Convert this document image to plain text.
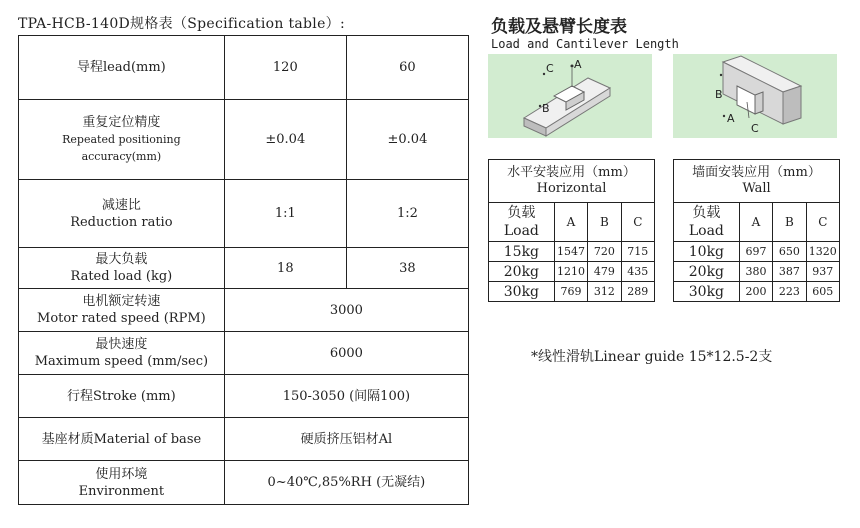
TPA-HCB-140D规格表（Specification table）:
导程lead(mm)	120	60

重复定位精度
Repeated positioning accuracy(mm)	±0.04	±0.04

减速比
Reduction ratio	1:1	1:2

最大负载
Rated load (kg)	18	38

电机额定转速
Motor rated speed (RPM)	3000	

最快速度
Maximum speed (mm/sec)	6000	
行程Stroke (mm)	150-3050 (间隔100)	
基座材质Material of base	硬质挤压铝材Al	

使用环境
Environment	0~40℃,85%RH (无凝结)	
负载及悬臂长度表
Load and Cantilever Length
A
C
B
B
A
C
水平安装应用（mm）
Horizontal			

负载
Load	A	B	C
15kg	1547	720	715
20kg	1210	479	435
30kg	769	312	289
墙面安装应用（mm）
Wall			

负载
Load	A	B	C
10kg	697	650	1320
20kg	380	387	937
30kg	200	223	605
*线性滑轨Linear guide 15*12.5-2支
